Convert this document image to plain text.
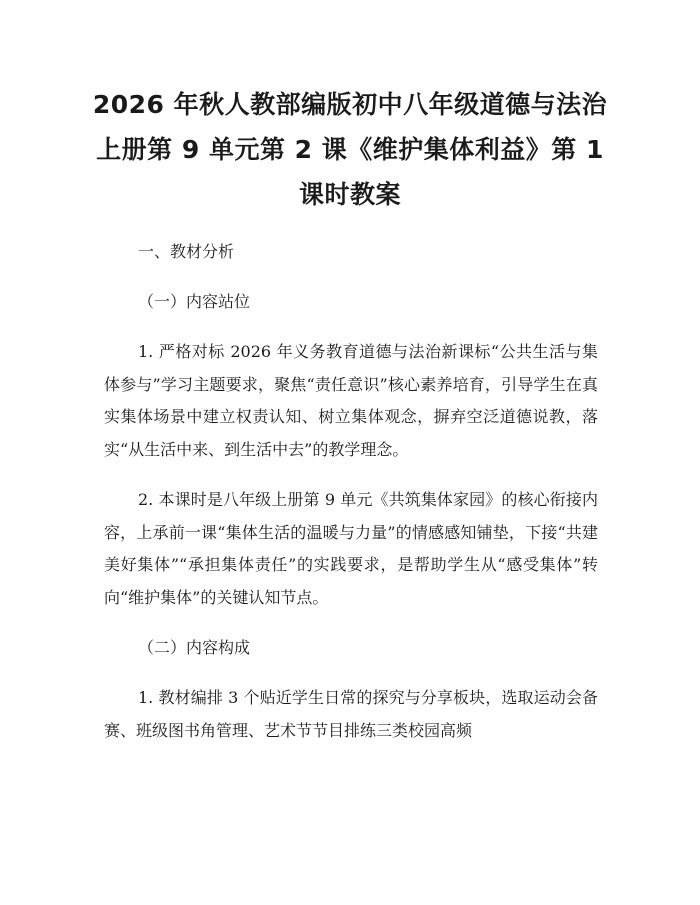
2026 年秋人教部编版初中八年级道德与法治
上册第 9 单元第 2 课《维护集体利益》第 1
课时教案

一、教材分析

（一）内容站位

1. 严格对标 2026 年义务教育道德与法治新课标“公共生活与集体参与”学习主题要求，聚焦“责任意识”核心素养培育，引导学生在真实集体场景中建立权责认知、树立集体观念，摒弃空泛道德说教，落实“从生活中来、到生活中去”的教学理念。

2. 本课时是八年级上册第 9 单元《共筑集体家园》的核心衔接内容，上承前一课“集体生活的温暖与力量”的情感感知铺垫，下接“共建美好集体”“承担集体责任”的实践要求，是帮助学生从“感受集体”转向“维护集体”的关键认知节点。

（二）内容构成

1. 教材编排 3 个贴近学生日常的探究与分享板块，选取运动会备赛、班级图书角管理、艺术节节目排练三类校园高频
